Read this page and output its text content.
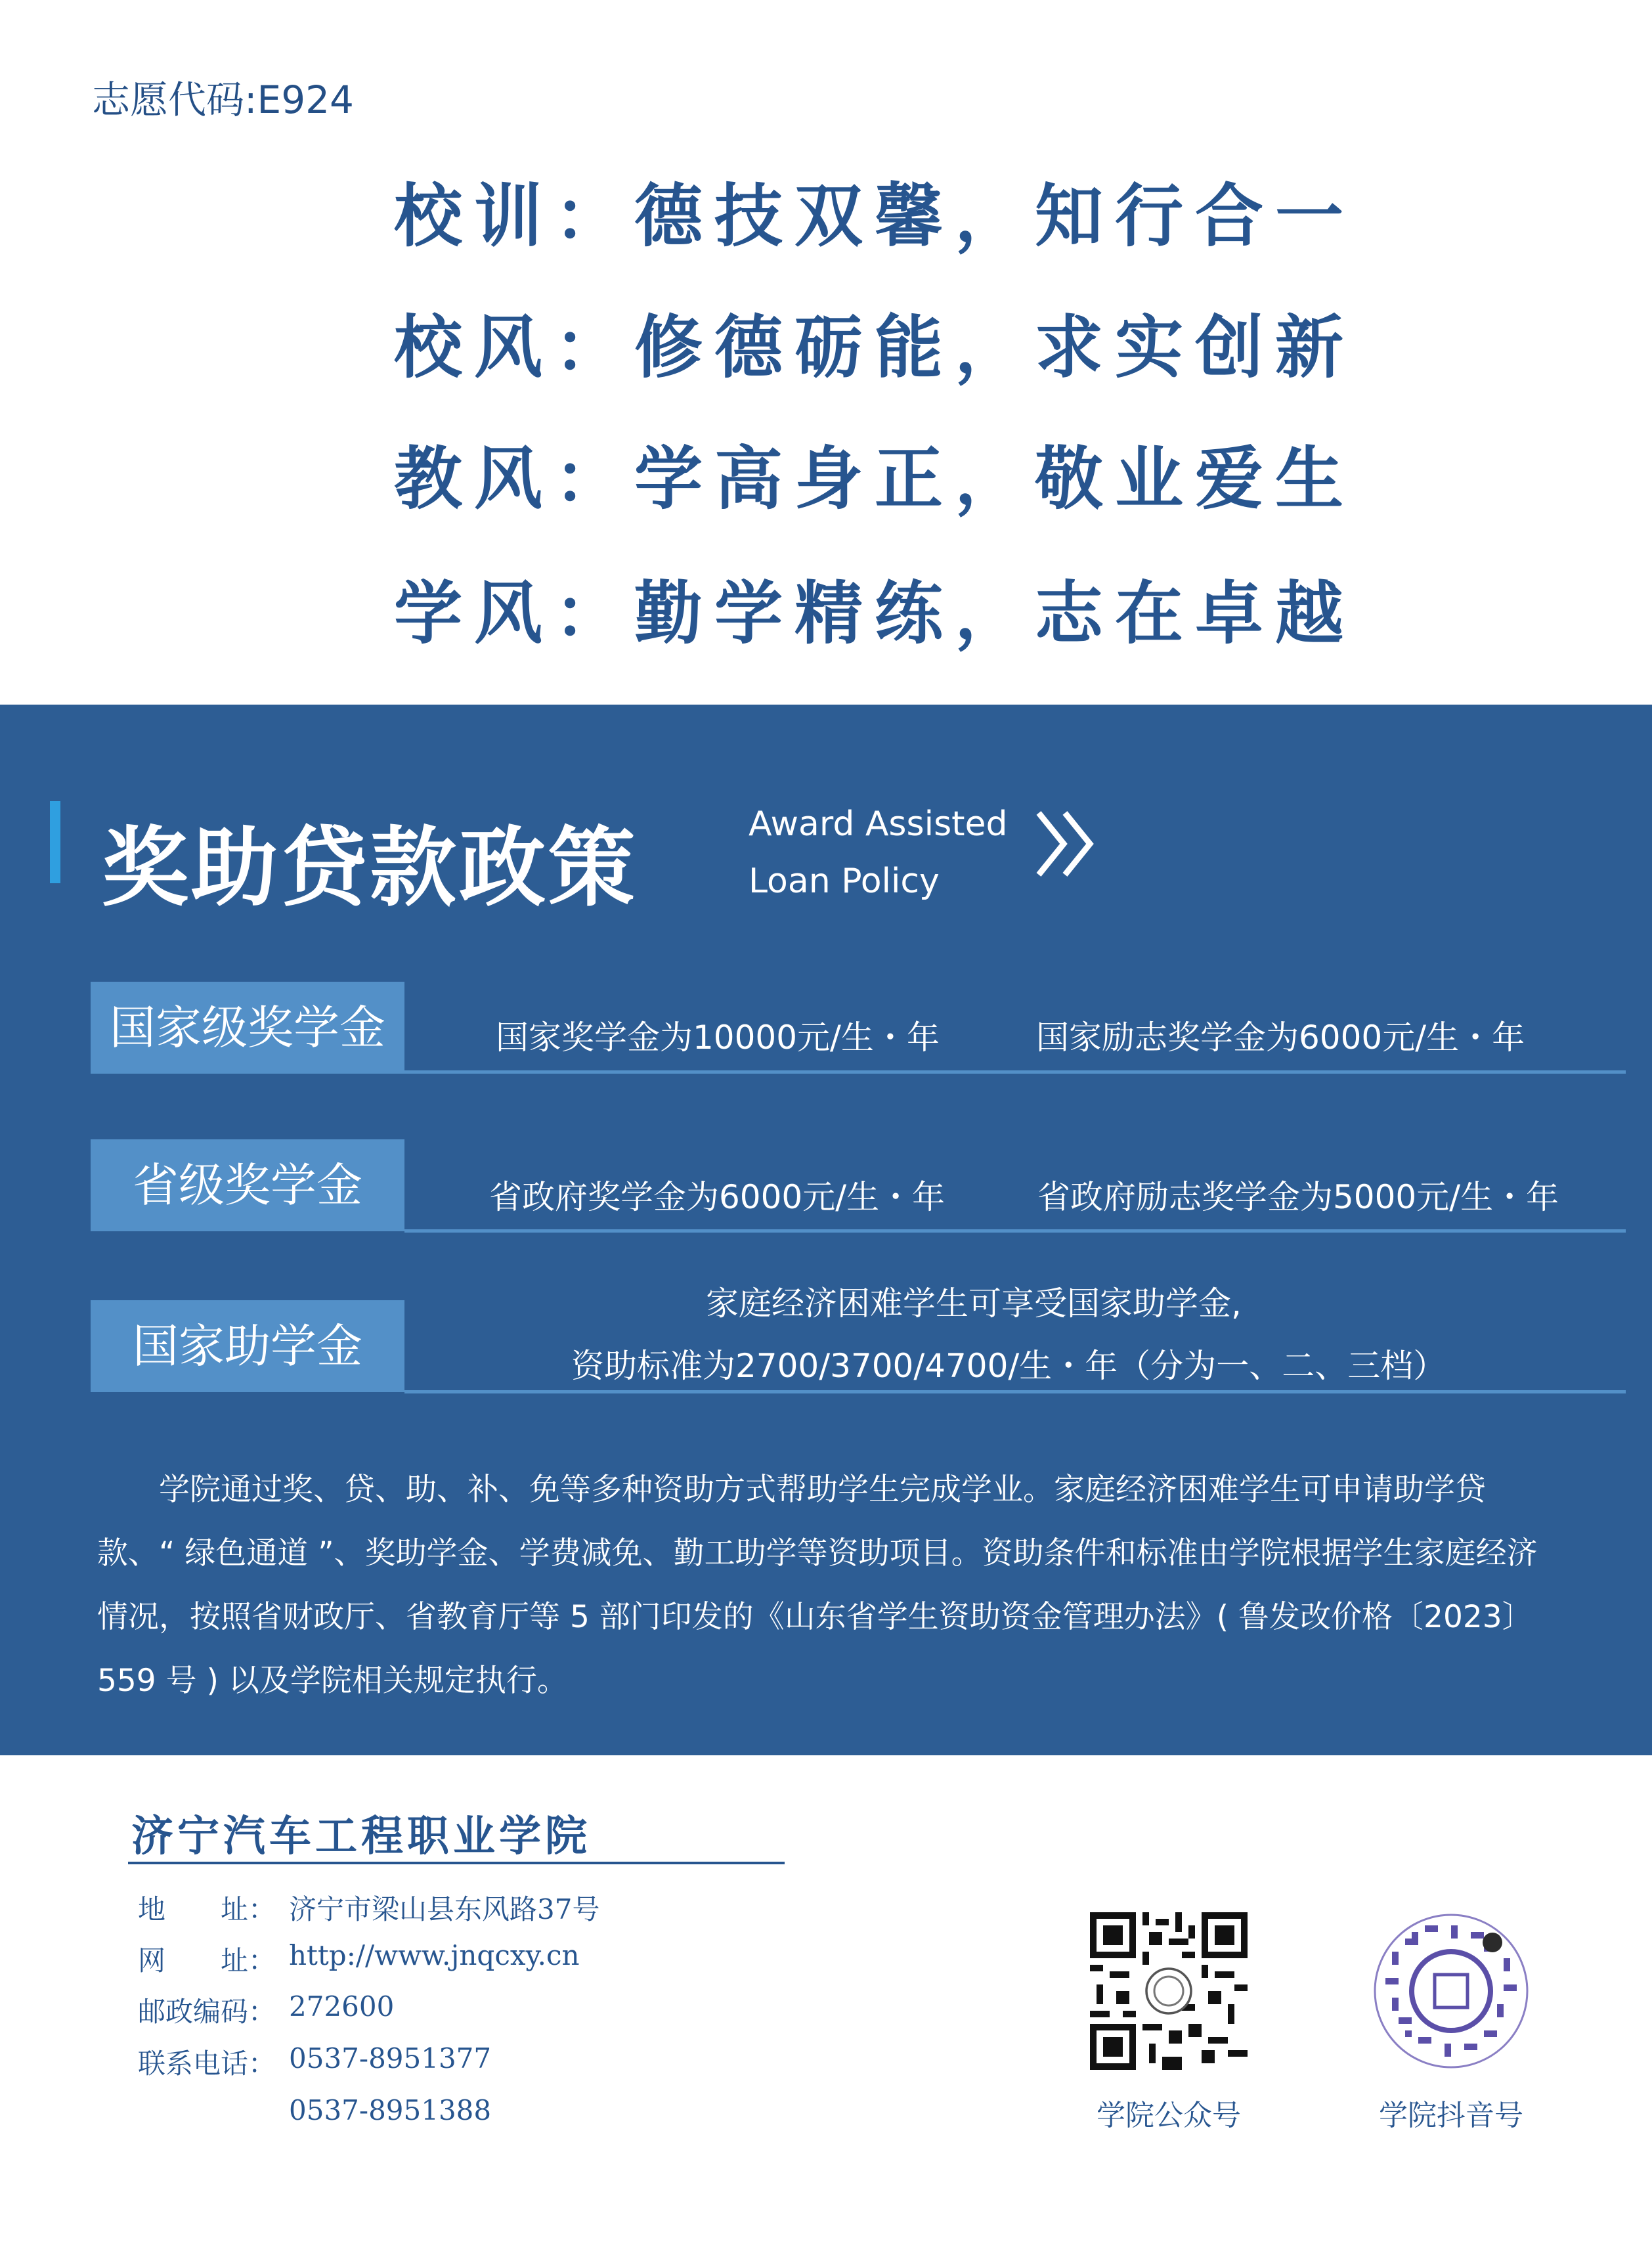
志愿代码:E924
校训：德技双馨，知行合一
校风：修德砺能，求实创新
教风：学高身正，敬业爱生
学风：勤学精练，志在卓越
奖助贷款政策	Award Assisted
Loan Policy
国家级奖学金	国家奖学金为10000元/生・年	国家励志奖学金为6000元/生・年
省级奖学金	省政府奖学金为6000元/生・年	省政府励志奖学金为5000元/生・年
国家助学金
家庭经济困难学生可享受国家助学金,
资助标准为2700/3700/4700/生・年（分为一、二、三档）
学院通过奖、贷、助、补、免等多种资助方式帮助学生完成学业。家庭经济困难学生可申请助学贷款、“ 绿色通道 ”、奖助学金、学费减免、勤工助学等资助项目。资助条件和标准由学院根据学生家庭经济情况，按照省财政厅、省教育厅等 5 部门印发的《山东省学生资助资金管理办法》( 鲁发改价格〔2023〕559 号 ) 以及学院相关规定执行。
济宁汽车工程职业学院
地　　址： 济宁市梁山县东风路37号
网　　址： http://www.jnqcxy.cn
邮政编码： 272600
联系电话： 0537-8951377
0537-8951388	学院公众号	学院抖音号
